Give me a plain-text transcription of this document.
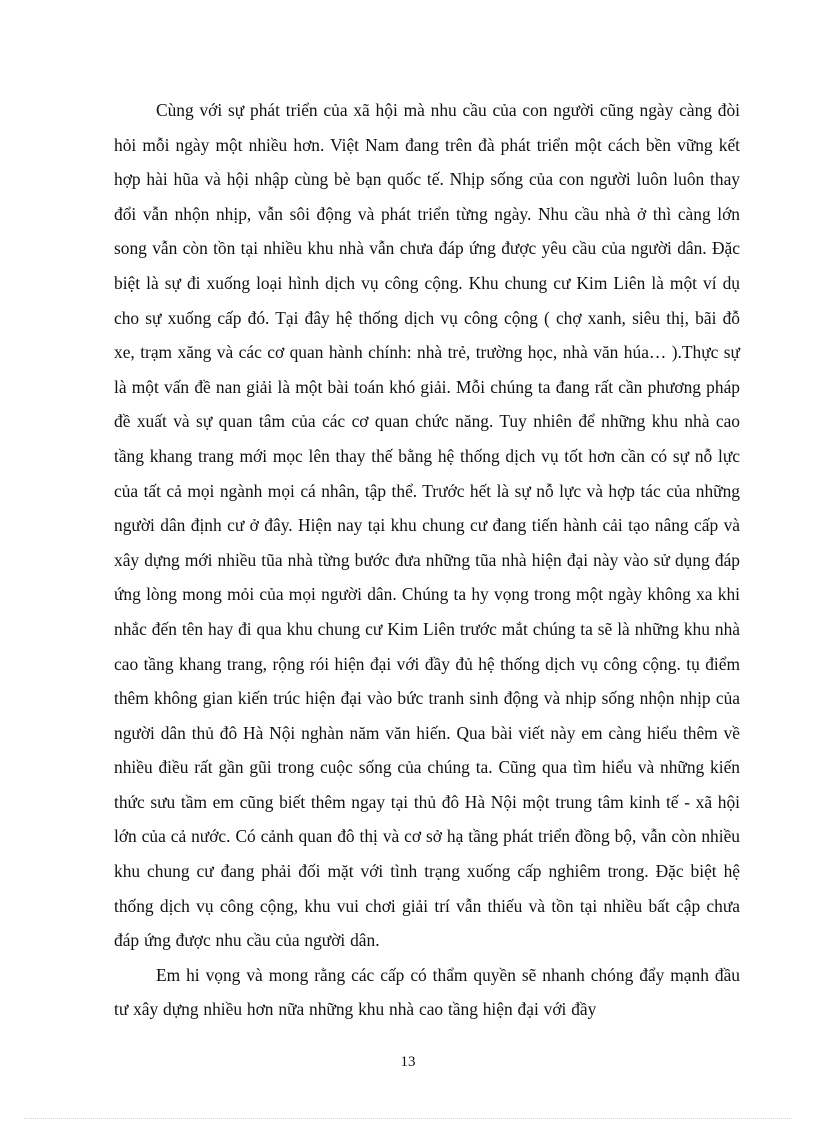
Cùng với sự phát triển của xã hội mà nhu cầu của con người cũng ngày càng đòi hỏi mỗi ngày một nhiều hơn. Việt Nam đang trên đà phát triển một cách bền vững kết hợp hài hũa và hội nhập cùng bè bạn quốc tế. Nhịp sống của con người luôn luôn thay đổi vẫn nhộn nhịp, vẫn sôi động và phát triển từng ngày. Nhu cầu nhà ở thì càng lớn song vẫn còn tồn tại nhiều khu nhà vẫn chưa đáp ứng được yêu cầu của người dân. Đặc biệt là sự đi xuống loại hình dịch vụ công cộng. Khu chung cư Kim Liên là một ví dụ cho sự xuống cấp đó. Tại đây hệ thống dịch vụ công cộng ( chợ xanh, siêu thị, bãi đỗ xe, trạm xăng và các cơ quan hành chính: nhà trẻ, trường học, nhà văn húa… ).Thực sự là một vấn đề nan giải là một bài toán khó giải. Mỗi chúng ta đang rất cần phương pháp đề xuất và sự quan tâm của các cơ quan chức năng. Tuy nhiên để những khu nhà cao tầng khang trang mới mọc lên thay thế bằng hệ thống dịch vụ tốt hơn cần có sự nỗ lực của tất cả mọi ngành mọi cá nhân, tập thể. Trước hết là sự nỗ lực và hợp tác của những người dân định cư ở đây. Hiện nay tại khu chung cư đang tiến hành cải tạo nâng cấp và xây dựng mới nhiều tũa nhà từng bước đưa những tũa nhà hiện đại này vào sử dụng đáp ứng lòng mong mỏi của mọi người dân. Chúng ta hy vọng trong một ngày không xa khi nhắc đến tên hay đi qua khu chung cư Kim Liên trước mắt chúng ta sẽ là những khu nhà cao tầng khang trang, rộng rói hiện đại với đầy đủ hệ thống dịch vụ công cộng. tụ điểm thêm không gian kiến trúc hiện đại vào bức tranh sinh động và nhịp sống nhộn nhịp của người dân thủ đô Hà Nội nghàn năm văn hiến. Qua bài viết này em càng hiểu thêm về nhiều điều rất gần gũi trong cuộc sống của chúng ta. Cũng qua tìm hiểu và những kiến thức sưu tầm em cũng biết thêm ngay tại thủ đô Hà Nội một trung tâm kinh tế - xã hội lớn của cả nước. Có cảnh quan đô thị và cơ sở hạ tầng phát triển đồng bộ, vẫn còn nhiều khu chung cư đang phải đối mặt với tình trạng xuống cấp nghiêm trong. Đặc biệt hệ thống dịch vụ công cộng, khu vui chơi giải trí vẫn thiếu và tồn tại nhiều bất cập chưa đáp ứng được nhu cầu của người dân.

Em hi vọng và mong rằng các cấp có thẩm quyền sẽ nhanh chóng đẩy mạnh đầu tư xây dựng nhiều hơn nữa những khu nhà cao tầng hiện đại với đầy

13
